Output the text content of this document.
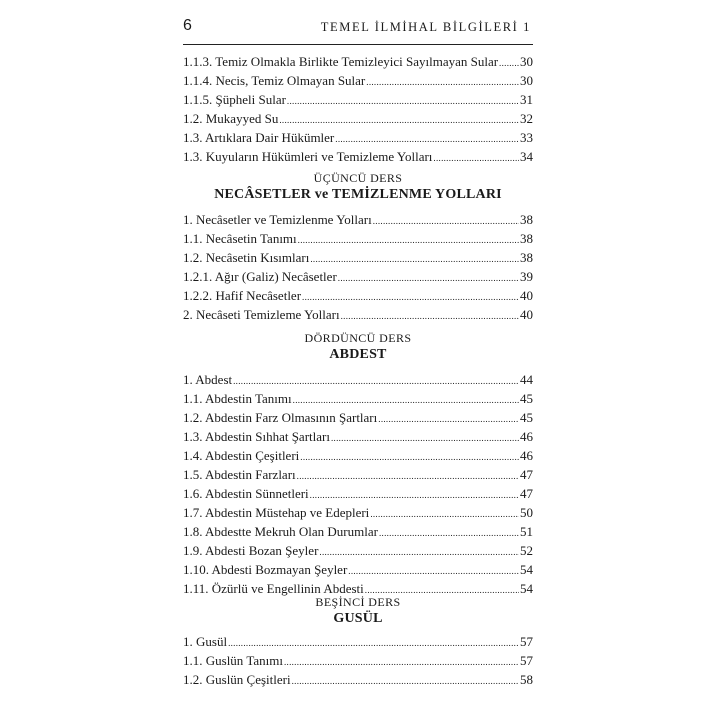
6	TEMEL İLMİHAL BİLGİLERİ 1
1.1.3. Temiz Olmakla Birlikte Temizleyici Sayılmayan Sular ..... 30
1.1.4. Necis, Temiz Olmayan Sular .....	30
1.1.5. Şüpheli Sular .....	31
1.2. Mukayyed Su .....	32
1.3. Artıklara Dair Hükümler .....	33
1.3. Kuyuların Hükümleri ve Temizleme Yolları .....	34
ÜÇÜNCÜ DERS
NECÂSETLER ve TEMİZLENME YOLLARI
1. Necâsetler ve Temizlenme Yolları .....	38
1.1. Necâsetin Tanımı .....	38
1.2. Necâsetin Kısımları .....	38
1.2.1. Ağır (Galiz) Necâsetler .....	39
1.2.2. Hafif Necâsetler .....	40
2. Necâseti Temizleme Yolları .....	40
DÖRDÜNCÜ DERS
ABDEST
1. Abdest .....	44
1.1. Abdestin Tanımı .....	45
1.2. Abdestin Farz Olmasının Şartları .....	45
1.3. Abdestin Sıhhat Şartları .....	46
1.4. Abdestin Çeşitleri .....	46
1.5. Abdestin Farzları .....	47
1.6. Abdestin Sünnetleri .....	47
1.7. Abdestin Müstehap ve Edepleri .....	50
1.8. Abdestte Mekruh Olan Durumlar .....	51
1.9. Abdesti Bozan Şeyler .....	52
1.10. Abdesti Bozmayan Şeyler .....	54
1.11. Özürlü ve Engellinin Abdesti .....	54
BEŞİNCİ DERS
GUSÜL
1. Gusül .....	57
1.1. Guslün Tanımı .....	57
1.2. Guslün Çeşitleri .....	58
